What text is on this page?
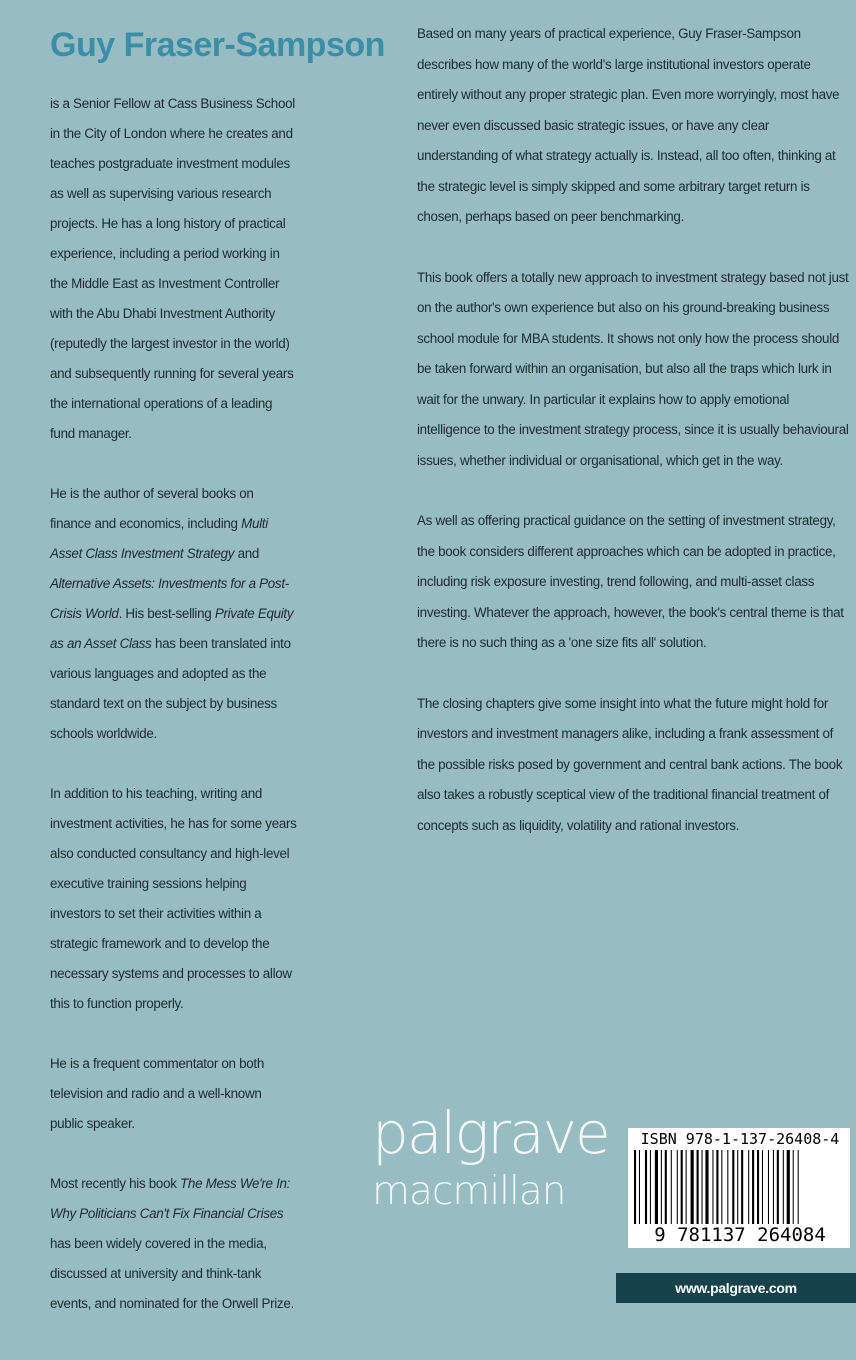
Guy Fraser-Sampson

is a Senior Fellow at Cass Business School in the City of London where he creates and teaches postgraduate investment modules as well as supervising various research projects. He has a long history of practical experience, including a period working in the Middle East as Investment Controller with the Abu Dhabi Investment Authority (reputedly the largest investor in the world) and subsequently running for several years the international operations of a leading fund manager.

He is the author of several books on finance and economics, including Multi Asset Class Investment Strategy and Alternative Assets: Investments for a Post-Crisis World. His best-selling Private Equity as an Asset Class has been translated into various languages and adopted as the standard text on the subject by business schools worldwide.

In addition to his teaching, writing and investment activities, he has for some years also conducted consultancy and high-level executive training sessions helping investors to set their activities within a strategic framework and to develop the necessary systems and processes to allow this to function properly.

He is a frequent commentator on both television and radio and a well-known public speaker.

Most recently his book The Mess We're In: Why Politicians Can't Fix Financial Crises has been widely covered in the media, discussed at university and think-tank events, and nominated for the Orwell Prize.

Based on many years of practical experience, Guy Fraser-Sampson describes how many of the world's large institutional investors operate entirely without any proper strategic plan. Even more worryingly, most have never even discussed basic strategic issues, or have any clear understanding of what strategy actually is. Instead, all too often, thinking at the strategic level is simply skipped and some arbitrary target return is chosen, perhaps based on peer benchmarking.

This book offers a totally new approach to investment strategy based not just on the author's own experience but also on his ground-breaking business school module for MBA students. It shows not only how the process should be taken forward within an organisation, but also all the traps which lurk in wait for the unwary. In particular it explains how to apply emotional intelligence to the investment strategy process, since it is usually behavioural issues, whether individual or organisational, which get in the way.

As well as offering practical guidance on the setting of investment strategy, the book considers different approaches which can be adopted in practice, including risk exposure investing, trend following, and multi-asset class investing. Whatever the approach, however, the book's central theme is that there is no such thing as a 'one size fits all' solution.

The closing chapters give some insight into what the future might hold for investors and investment managers alike, including a frank assessment of the possible risks posed by government and central bank actions. The book also takes a robustly sceptical view of the traditional financial treatment of concepts such as liquidity, volatility and rational investors.

palgrave
macmillan
ISBN 978-1-137-26408-4
9 781137 264084
www.palgrave.com
